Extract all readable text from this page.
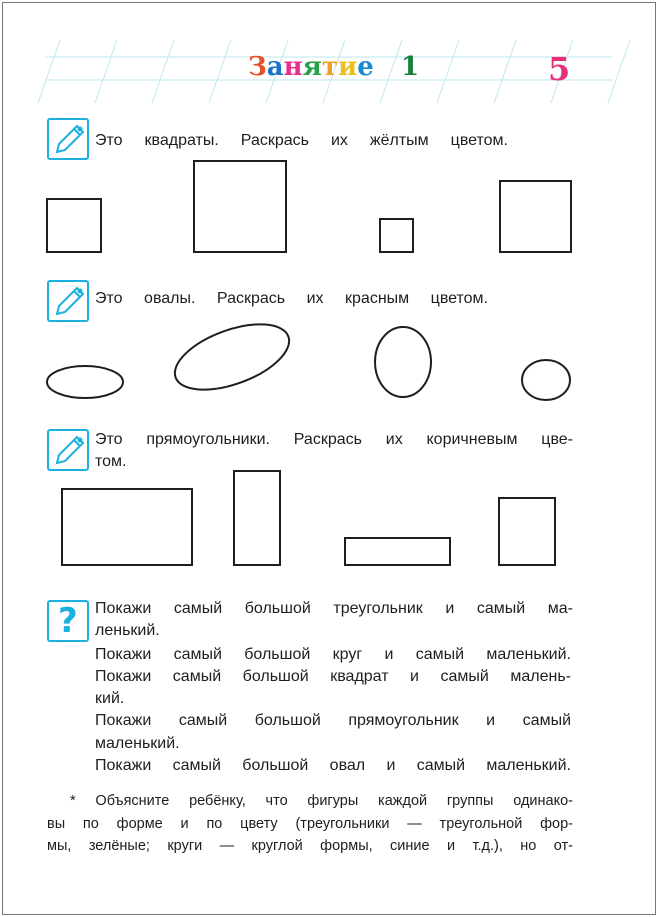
Занятие 1	5
Это квадраты. Раскрась их жёлтым цветом.
Это овалы. Раскрась их красным цветом.
Это прямоугольники. Раскрась их коричневым цве-
том.
? Покажи самый большой треугольник и самый ма-
ленький.
Покажи самый большой круг и самый маленький.
Покажи самый большой квадрат и самый малень-
кий.
Покажи самый большой прямоугольник и самый
маленький.
Покажи самый большой овал и самый маленький.
* Объясните ребёнку, что фигуры каждой группы одинако-
вы по форме и по цвету (треугольники — треугольной фор-
мы, зелёные; круги — круглой формы, синие и т.д.), но от-
